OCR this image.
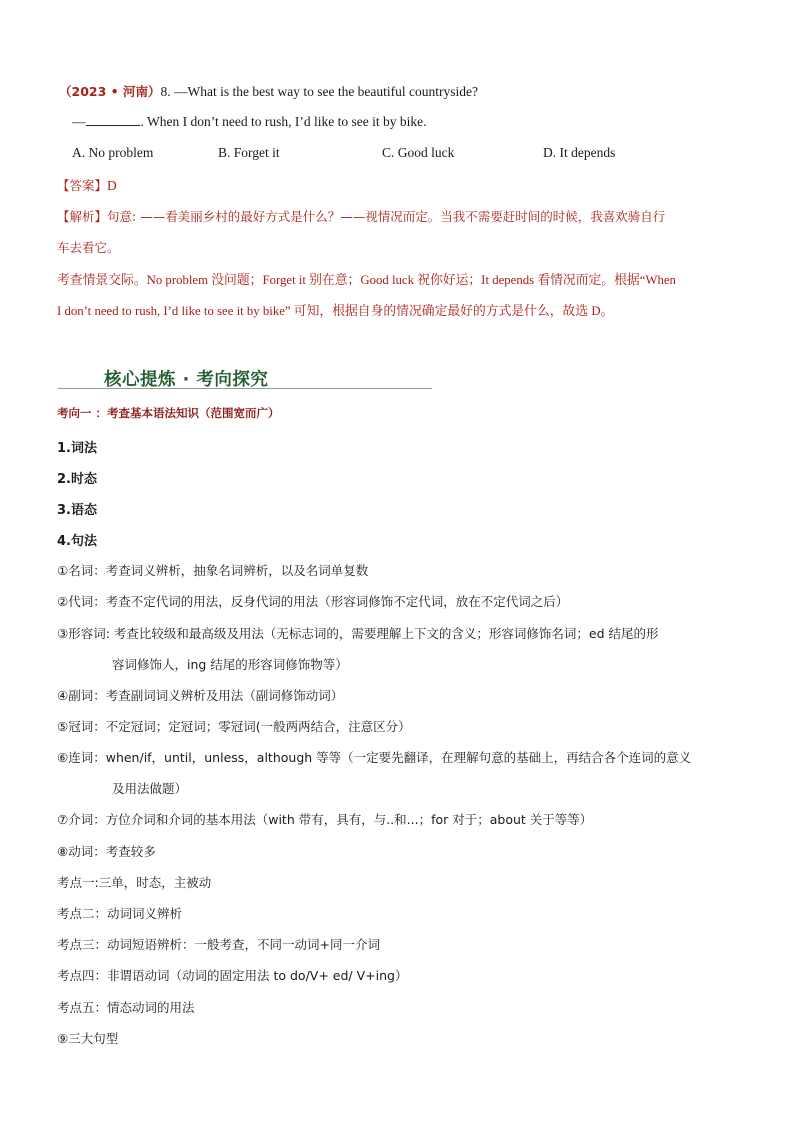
（2023 • 河南）8. —What is the best way to see the beautiful countryside?
—	. When I don’t need to rush, I’d like to see it by bike.
A. No problem	B. Forget it	C. Good luck	D. It depends
【答案】D
【解析】句意: ——看美丽乡村的最好方式是什么？——视情况而定。当我不需要赶时间的时候，我喜欢骑自行
车去看它。
考查情景交际。No problem 没问题；Forget it 别在意；Good luck 祝你好运；It depends 看情况而定。根据“When
I don’t need to rush, I’d like to see it by bike” 可知，根据自身的情况确定最好的方式是什么，故选 D。
核心提炼 · 考向探究
考向一 ：考查基本语法知识（范围宽而广）
1.词法
2.时态
3.语态
4.句法
①名词：考查词义辨析，抽象名词辨析，以及名词单复数
②代词：考查不定代词的用法，反身代词的用法（形容词修饰不定代词，放在不定代词之后）
③形容词: 考查比较级和最高级及用法（无标志词的，需要理解上下文的含义；形容词修饰名词；ed 结尾的形
容词修饰人，ing 结尾的形容词修饰物等）
④副词：考查副词词义辨析及用法（副词修饰动词）
⑤冠词：不定冠词；定冠词；零冠词(一般两两结合，注意区分）
⑥连词：when/if，until，unless，although 等等（一定要先翻译，在理解句意的基础上，再结合各个连词的意义
及用法做题）
⑦介词：方位介词和介词的基本用法（with 带有，具有，与..和...；for 对于；about 关于等等）
⑧动词：考查较多
考点一:三单，时态，主被动
考点二：动词词义辨析
考点三：动词短语辨析：一般考查，不同一动词+同一介词
考点四：非谓语动词（动词的固定用法 to do/V+ ed/ V+ing）
考点五：情态动词的用法
⑨三大句型
